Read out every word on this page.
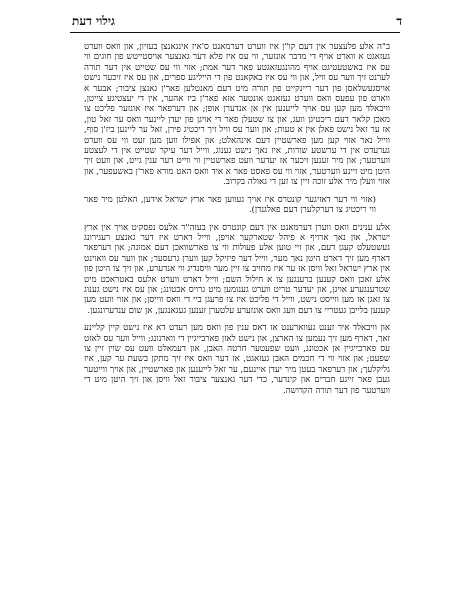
ד
גילוי דעת

ב"ה אלע פלעצער אין דעם קו"ן איז ווערט דערמאנט ס'איז אינגאנצן בעזיון, און וואס ווערט געזאגט א ווארט אויף די מדבר אונזער, ווי עס איז פלא דער גאנצער אויסטייטש פון חוגים ווי עס איז באשטעטיגט אויף מהונגעזאגטע פאר דער אמת; אזוי ווי עס שטייט אין דער תורה לערנט זיך ווער עס וויל, און ווי עס איז באקאנט פון די הייליגע ספרים, און עס איז זיכער נישט אויסגעשלאסן פון דער ריינקייט פון תורה מיט דעם מאנטלען פאר'ן גאנצן ציבור; אבער א ווארט פון עפעס וואס ווערט געזאגט אונטער אזא פאר'ן ביז אהער, אין די יעצטיגע צייטן, וויבאלד מען קען עס אויך לייענען אין אן אנדערן אופן; און דערפאר איז אונזער פליכט צו מאכן קלאר דעם ריכטיגן וועג, און צו שטעלן פאר די אויגן פון יעדן ליינער וואס ער זאל טון, אז ער זאל נישט פאלן אין א טעות; און ווער עס וויל זיך ריכטיג פירן, זאל ער ליינען ביז'ן סוף, ווייל נאר אזוי קען מען פארשטיין דעם אינהאלט; און אפילו ווען מען זעט ווי עס ווערט גערעדט אין די ערשטע שורות, איז נאך נישט גענוג, ווייל דער עיקר שטייט אין די לעצטע ווערטער; און מיר זענען זיכער אז יעדער וועט פארשטיין ווי ווייט דער ענין גייט, און וועט זיך היטן מיט זיינע ווערטער, אזוי ווי עס פאסט פאר א איד וואס האט מורא פאר'ן באשעפער, און אזוי וועלן מיר אלע זוכה זיין צו זען די גאולה בקרוב.

(אזוי ווי דער דאזיגער קונטרס איז אויך געווען פאר ארץ ישראל אידען, האלטן מיר פאר ווי ריכטיג צו דערקלערן דעם פאלגנדן).

אלע ענינים וואס ווערן דערמאנט אין דעם קונטרס אין בעזה"ר אלעס נפסק׳ט אויך אין ארץ ישראל, און נאך ארויף א פיהל שטארקער אויפן, ווייל דארט איז דער גאנצע רעגירונג געשטעלט קעגן דעם, און זיי טוען אלע פעולות ווי צו פארשוואכן דעם אמונה; און דערפאר דארף מען זיך דארט היטן נאך מער, ווייל דער פיזיקל קען ווערן גרעסער; און ווער עס וואוינט אין ארץ ישראל זאל וויסן אז ער איז מחויב צו זיין מער וויסנדיג ווי אנדערע, און זיך צו היטן פון אלע זאכן וואס קענען ברענגען צו א חילול השם; ווייל דארט ווערט אלעס באטראכט מיט שטרענגערע אויגן, און יעדער טריט ווערט גענומען מיט גרויס אכטונג; און עס איז נישט גענוג צו זאגן אז מען ווייסט נישט, ווייל די פליכט איז צו פרעגן ביי די וואס ווייסן; און אזוי וועט מען קענען בלייבן געטריי צו דעם וועג וואס אונזערע עלטערן זענען געגאנגען, אן שום ענדערונגען.

און וויבאלד איר זענט געווארענט אז דאס ענין פון וואס מען רעדט דא איז נישט קיין קליינע זאך, דארף מען זיך נעמען צו הארצן, און נישט לאזן פארבייגיין די ווארנונג; ווייל ווער עס לאזט עס פארבייגיין אן אכטונג, וועט שפעטער חרטה האבן, און דעמאלט וועט עס שוין זיין צו שפעט; און אזוי ווי די חכמים האבן געזאגט, אז דער וואס איז זיך מתקן בשעת ער קען, איז גליקלעך; און דערפאר בעטן מיר יעדן איינעם, ער זאל לייענען און פארשטיין, און אויך ווייטער געבן פאר זיינע חברים און קינדער, כדי דער גאנצער ציבור זאל וויסן און זיך היטן מיט די ווערטער פון דער תורה הקדושה.
